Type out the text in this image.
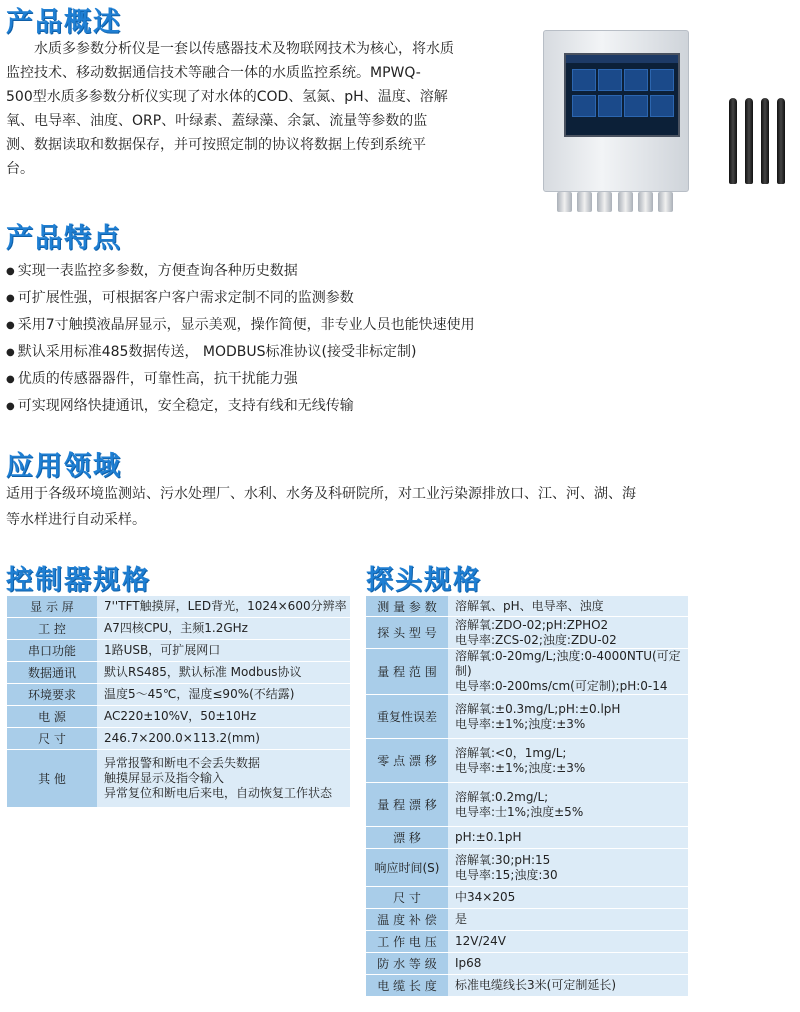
产品概述
水质多参数分析仪是一套以传感器技术及物联网技术为核心，将水质
监控技术、移动数据通信技术等融合一体的水质监控系统。MPWQ-
500型水质多参数分析仪实现了对水体的COD、氢氮、pH、温度、溶解
氧、电导率、油度、ORP、叶绿素、蓋绿藻、余氯、流量等参数的监
测、数据读取和数据保存，并可按照定制的协议将数据上传到系统平
台。
产品特点
● 实现一表监控多参数，方便查询各种历史数据
● 可扩展性强，可根据客户客户需求定制不同的监测参数
● 采用7寸触摸液晶屏显示，显示美观，操作简便，非专业人员也能快速使用
● 默认采用标准485数据传送， MODBUS标准协议(接受非标定制)
● 优质的传感器器件，可靠性高，抗干扰能力强
● 可实现网络快捷通讯，安全稳定，支持有线和无线传输
应用领域
适用于各级环境监测站、污水处理厂、水利、水务及科研院所，对工业污染源排放口、江、河、湖、海
等水样进行自动采样。
控制器规格
显 示 屏	7''TFT触摸屏，LED背光，1024×600分辨率
工 控	A7四核CPU，主频1.2GHz
串口功能	1路USB，可扩展网口
数据通讯	默认RS485，默认标准 Modbus协议
环境要求	温度5～45℃，湿度≤90%(不结露)
电 源	AC220±10%V，50±10Hz
尺 寸	246.7×200.0×113.2(mm)
其 他	异常报警和断电不会丢失数据
触摸屏显示及指令输入
异常复位和断电后来电，自动恢复工作状态
探头规格
测 量 参 数	溶解氧、pH、电导率、浊度
探 头 型 号	溶解氧:ZDO-02;pH:ZPHO2
电导率:ZCS-02;浊度:ZDU-02

量 程 范 围	溶解氧:0-20mg/L;浊度:0-4000NTU(可定制)
电导率:0-200ms/cm(可定制);pH:0-14

重复性误差	溶解氧:±0.3mg/L;pH:±0.lpH
电导率:±1%;浊度:±3%

零 点 漂 移	溶解氧:<0，1mg/L;
电导率:±1%;浊度:±3%

量 程 漂 移	溶解氧:0.2mg/L;
电导率:士1%;浊度±5%

漂 移	pH:±0.1pH
响应时间(S)	溶解氧:30;pH:15
电导率:15;浊度:30

尺 寸	中34×205
温 度 补 偿	是
工 作 电 压	12V/24V
防 水 等 级	Ip68
电 缆 长 度	标准电缆线长3米(可定制延长)
